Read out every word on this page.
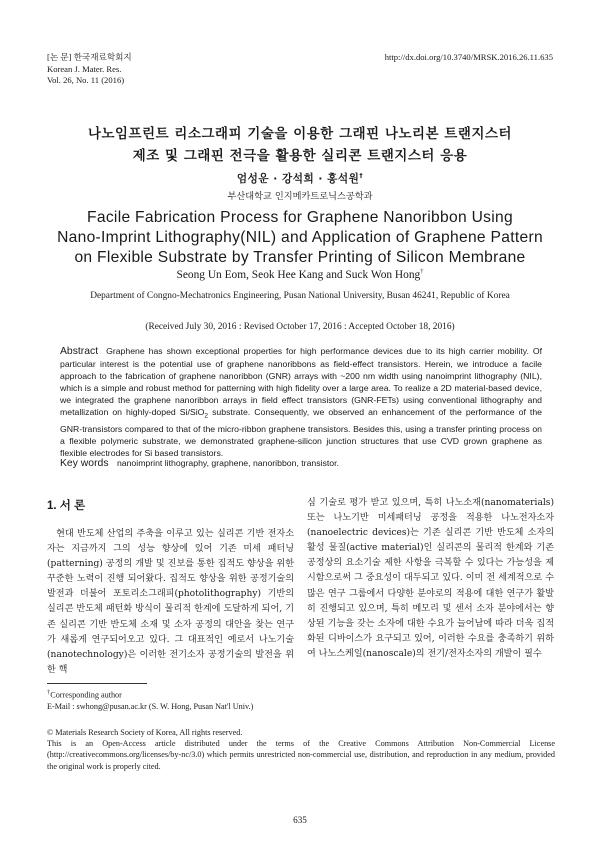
[논 문] 한국재료학회지
Korean J. Mater. Res.
Vol. 26, No. 11 (2016)
http://dx.doi.org/10.3740/MRSK.2016.26.11.635
나노임프린트 리소그래피 기술을 이용한 그래핀 나노리본 트랜지스터
제조 및 그래핀 전극을 활용한 실리콘 트랜지스터 응용
엄성운 · 강석희 · 홍석원†
부산대학교 인지메카트로닉스공학과
Facile Fabrication Process for Graphene Nanoribbon Using
Nano-Imprint Lithography(NIL) and Application of Graphene Pattern
on Flexible Substrate by Transfer Printing of Silicon Membrane
Seong Un Eom, Seok Hee Kang and Suck Won Hong†
Department of Congno-Mechatronics Engineering, Pusan National University, Busan 46241, Republic of Korea
(Received July 30, 2016 : Revised October 17, 2016 : Accepted October 18, 2016)
Abstract Graphene has shown exceptional properties for high performance devices due to its high carrier mobility. Of particular interest is the potential use of graphene nanoribbons as field-effect transistors. Herein, we introduce a facile approach to the fabrication of graphene nanoribbon (GNR) arrays with ~200 nm width using nanoimprint lithography (NIL), which is a simple and robust method for patterning with high fidelity over a large area. To realize a 2D material-based device, we integrated the graphene nanoribbon arrays in field effect transistors (GNR-FETs) using conventional lithography and metallization on highly-doped Si/SiO$_2$ substrate. Consequently, we observed an enhancement of the performance of the GNR-transistors compared to that of the micro-ribbon graphene transistors. Besides this, using a transfer printing process on a flexible polymeric substrate, we demonstrated graphene-silicon junction structures that use CVD grown graphene as flexible electrodes for Si based transistors.
Key words nanoimprint lithography, graphene, nanoribbon, transistor.
1. 서 론

현대 반도체 산업의 주축을 이루고 있는 실리콘 기반 전자소자는 지금까지 그의 성능 향상에 있어 기존 미세 패터닝(patterning) 공정의 개발 및 진보를 통한 집적도 향상을 위한 꾸준한 노력이 진행 되어왔다. 집적도 향상을 위한 공정기술의 발전과 더불어 포토리소그래피(photolithography) 기반의 실리콘 반도체 패턴화 방식이 물리적 한계에 도달하게 되어, 기존 실리콘 기반 반도체 소재 및 소자 공정의 대안을 찾는 연구가 새롭게 연구되어오고 있다. 그 대표적인 예로서 나노기술(nanotechnology)은 이러한 전기소자 공정기술의 발전을 위한 핵

심 기술로 평가 받고 있으며, 특히 나노소재(nanomaterials) 또는 나노기반 미세패터닝 공정을 적용한 나노전자소자(nanoelectric devices)는 기존 실리콘 기반 반도체 소자의 활성 물질(active material)인 실리콘의 물리적 한계와 기존 공정상의 요소기술 제한 사항을 극복할 수 있다는 가능성을 제시함으로써 그 중요성이 대두되고 있다. 이미 전 세계적으로 수 많은 연구 그룹에서 다양한 분야로의 적용에 대한 연구가 활발히 진행되고 있으며, 특히 메모리 및 센서 소자 분야에서는 향상된 기능을 갖는 소자에 대한 수요가 늘어남에 따라 더욱 집적화된 디바이스가 요구되고 있어, 이러한 수요를 충족하기 위하여 나노스케일(nanoscale)의 전기/전자소자의 개발이 필수

†Corresponding author
E-Mail : swhong@pusan.ac.kr (S. W. Hong, Pusan Nat'l Univ.)
© Materials Research Society of Korea, All rights reserved.
This is an Open-Access article distributed under the terms of the Creative Commons Attribution Non-Commercial License (http://creativecommons.org/licenses/by-nc/3.0) which permits unrestricted non-commercial use, distribution, and reproduction in any medium, provided the original work is properly cited.
635
